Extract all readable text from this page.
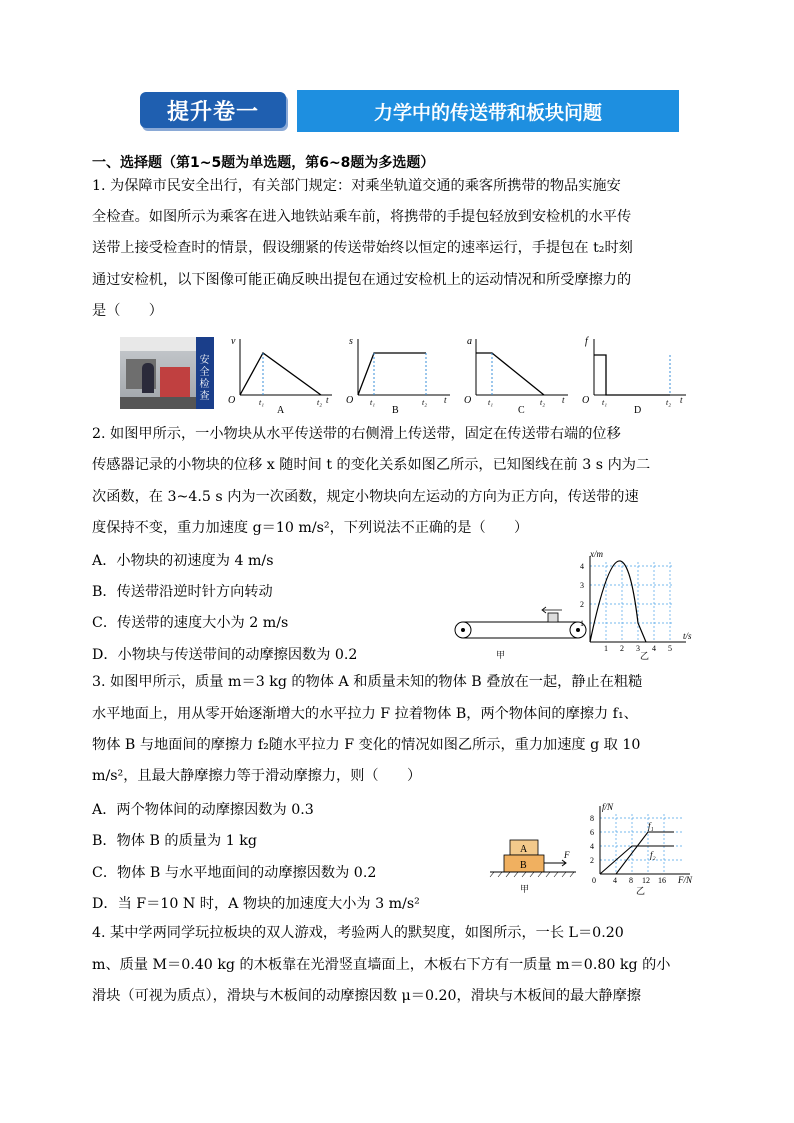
提升卷一	力学中的传送带和板块问题
一、选择题（第1~5题为单选题，第6~8题为多选题）
1. 为保障市民安全出行，有关部门规定：对乘坐轨道交通的乘客所携带的物品实施安
全检查。如图所示为乘客在进入地铁站乘车前，将携带的手提包轻放到安检机的水平传
送带上接受检查时的情景，假设绷紧的传送带始终以恒定的速率运行，手提包在 t₂时刻
通过安检机，以下图像可能正确反映出提包在通过安检机上的运动情况和所受摩擦力的
是（　　）
安全检查
v
O	t₁	t₂ t
A
s
O t₁	t₂ t
B
a
O t₁	t₂ t
C
f
O t₁	t₂ t
D
2. 如图甲所示，一小物块从水平传送带的右侧滑上传送带，固定在传送带右端的位移
传感器记录的小物块的位移 x 随时间 t 的变化关系如图乙所示，已知图线在前 3 s 内为二
次函数，在 3~4.5 s 内为一次函数，规定小物块向左运动的方向为正方向，传送带的速
度保持不变，重力加速度 g＝10 m/s²，下列说法不正确的是（　　）
A．小物块的初速度为 4 m/s
B．传送带沿逆时针方向转动
C．传送带的速度大小为 2 m/s
D．小物块与传送带间的动摩擦因数为 0.2	甲
x/m
t/s
4
3
2
1
1 2 3 4 5
乙
3. 如图甲所示，质量 m＝3 kg 的物体 A 和质量未知的物体 B 叠放在一起，静止在粗糙
水平地面上，用从零开始逐渐增大的水平拉力 F 拉着物体 B，两个物体间的摩擦力 f₁、
物体 B 与地面间的摩擦力 f₂随水平拉力 F 变化的情况如图乙所示，重力加速度 g 取 10
m/s²，且最大静摩擦力等于滑动摩擦力，则（　　）
A．两个物体间的动摩擦因数为 0.3
B．物体 B 的质量为 1 kg
C．物体 B 与水平地面间的动摩擦因数为 0.2
D．当 F＝10 N 时，A 物块的加速度大小为 3 m/s²
A
B
F
甲
f/N
F/N
8
6
4
2
0 4 8 12 16
f₁
f₂
乙
4. 某中学两同学玩拉板块的双人游戏，考验两人的默契度，如图所示，一长 L＝0.20
m、质量 M＝0.40 kg 的木板靠在光滑竖直墙面上，木板右下方有一质量 m＝0.80 kg 的小
滑块（可视为质点），滑块与木板间的动摩擦因数 μ＝0.20，滑块与木板间的最大静摩擦
